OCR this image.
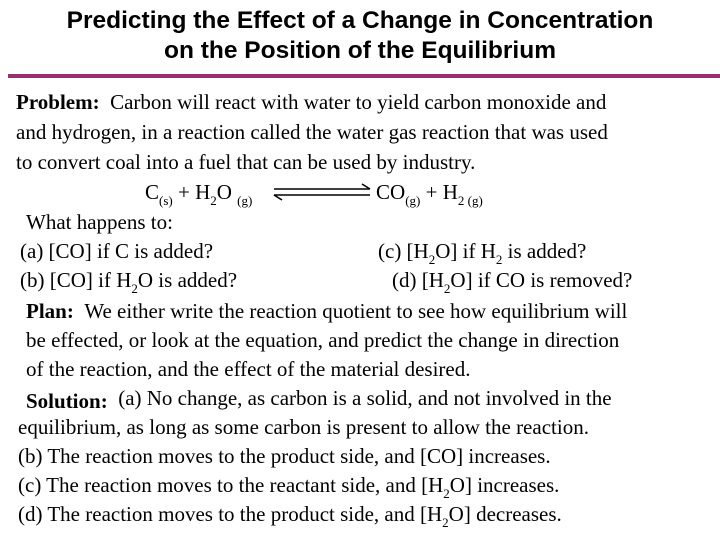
Predicting the Effect of a Change in Concentration
on the Position of the Equilibrium
Problem: Carbon will react with water to yield carbon monoxide and
and hydrogen, in a reaction called the water gas reaction that was used
to convert coal into a fuel that can be used by industry.
$C_{(s)} + H_2O$ $_{(g)}$	$CO_{(g)} + H_2$ $_{(g)}$
What happens to:
(a) [CO] if C is added?	(c) $[H_2O]$ if $H_2$ is added?
(b) [CO] if $H_2O$ is added?	(d) $[H_2O]$ if CO is removed?
Plan: We either write the reaction quotient to see how equilibrium will
be effected, or look at the equation, and predict the change in direction
of the reaction, and the effect of the material desired.
Solution: (a) No change, as carbon is a solid, and not involved in the
equilibrium, as long as some carbon is present to allow the reaction.
(b) The reaction moves to the product side, and [CO] increases.
(c) The reaction moves to the reactant side, and $[H_2O]$ increases.
(d) The reaction moves to the product side, and $[H_2O]$ decreases.
